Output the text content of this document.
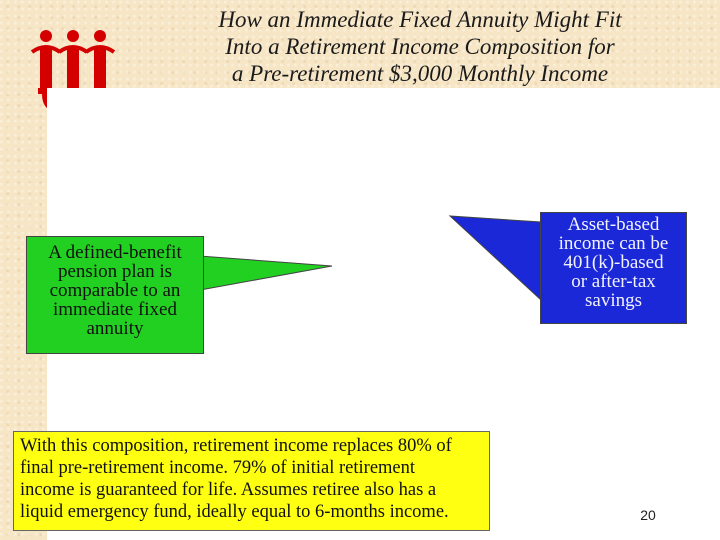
How an Immediate Fixed Annuity Might Fit
Into a Retirement Income Composition for
a Pre-retirement $3,000 Monthly Income
A defined-benefit
pension plan is
comparable to an
immediate fixed
annuity
Asset-based
income can be
401(k)-based
or after-tax
savings
With this composition, retirement income replaces 80% of
final pre-retirement income. 79% of initial retirement
income is guaranteed for life. Assumes retiree also has a
liquid emergency fund, ideally equal to 6-months income.	20
